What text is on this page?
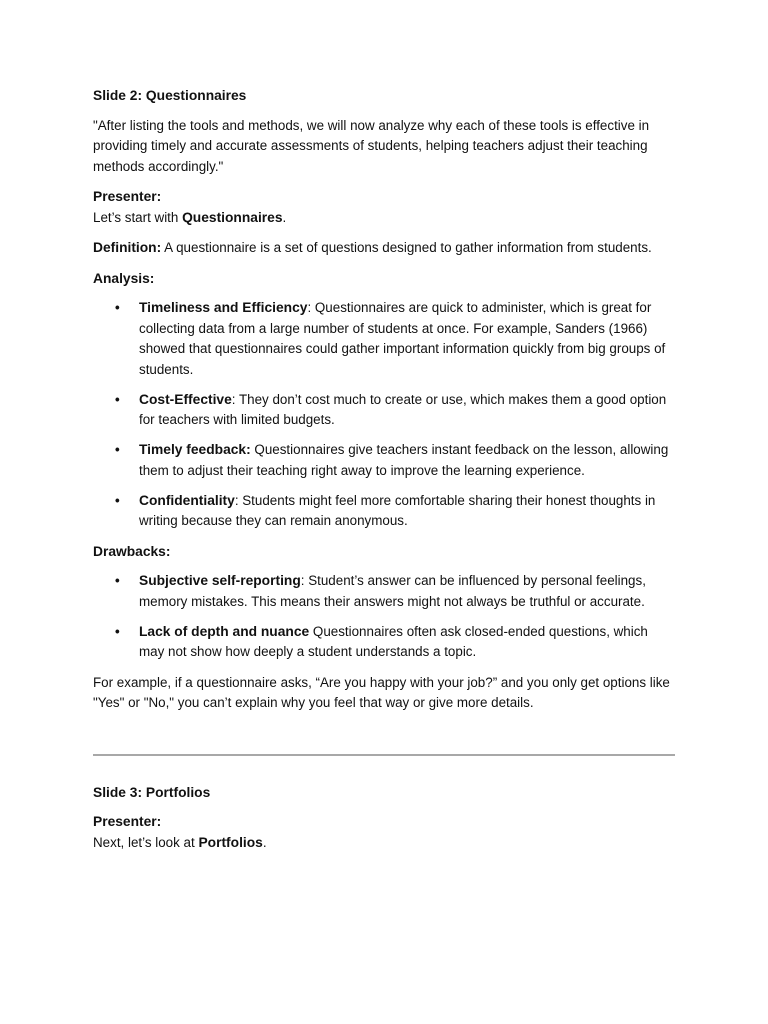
Slide 2: Questionnaires

"After listing the tools and methods, we will now analyze why each of these tools is effective in providing timely and accurate assessments of students, helping teachers adjust their teaching methods accordingly."

Presenter:
Let’s start with Questionnaires.

Definition: A questionnaire is a set of questions designed to gather information from students.

Analysis:

• Timeliness and Efficiency: Questionnaires are quick to administer, which is great for collecting data from a large number of students at once. For example, Sanders (1966) showed that questionnaires could gather important information quickly from big groups of students.
• Cost-Effective: They don’t cost much to create or use, which makes them a good option for teachers with limited budgets.
• Timely feedback: Questionnaires give teachers instant feedback on the lesson, allowing them to adjust their teaching right away to improve the learning experience.
• Confidentiality: Students might feel more comfortable sharing their honest thoughts in writing because they can remain anonymous.

Drawbacks:

• Subjective self-reporting: Student’s answer can be influenced by personal feelings, memory mistakes. This means their answers might not always be truthful or accurate.
• Lack of depth and nuance Questionnaires often ask closed-ended questions, which may not show how deeply a student understands a topic.

For example, if a questionnaire asks, “Are you happy with your job?” and you only get options like "Yes" or "No," you can’t explain why you feel that way or give more details.

Slide 3: Portfolios

Presenter:
Next, let’s look at Portfolios.
